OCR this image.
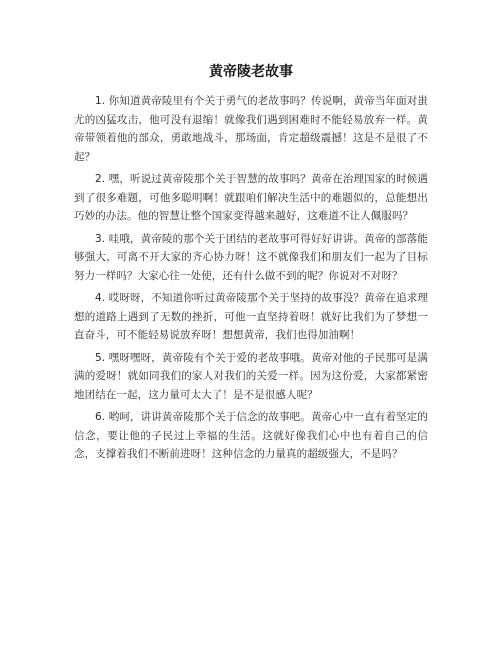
黄帝陵老故事

1. 你知道黄帝陵里有个关于勇气的老故事吗？传说啊，黄帝当年面对蚩尤的凶猛攻击，他可没有退缩！就像我们遇到困难时不能轻易放弃一样。黄帝带领着他的部众，勇敢地战斗，那场面，肯定超级震撼！这是不是很了不起？

2. 嘿，听说过黄帝陵那个关于智慧的故事吗？黄帝在治理国家的时候遇到了很多难题，可他多聪明啊！就跟咱们解决生活中的难题似的，总能想出巧妙的办法。他的智慧让整个国家变得越来越好，这难道不让人佩服吗？

3. 哇哦，黄帝陵的那个关于团结的老故事可得好好讲讲。黄帝的部落能够强大，可离不开大家的齐心协力呀！这不就像我们和朋友们一起为了目标努力一样吗？大家心往一处使，还有什么做不到的呢？你说对不对呀？

4. 哎呀呀，不知道你听过黄帝陵那个关于坚持的故事没？黄帝在追求理想的道路上遇到了无数的挫折，可他一直坚持着呀！就好比我们为了梦想一直奋斗，可不能轻易说放弃呀！想想黄帝，我们也得加油啊！

5. 嘿呀嘿呀，黄帝陵有个关于爱的老故事哦。黄帝对他的子民那可是满满的爱呀！就如同我们的家人对我们的关爱一样。因为这份爱，大家都紧密地团结在一起，这力量可太大了！是不是很感人呢？

6. 哟呵，讲讲黄帝陵那个关于信念的故事吧。黄帝心中一直有着坚定的信念，要让他的子民过上幸福的生活。这就好像我们心中也有着自己的信念，支撑着我们不断前进呀！这种信念的力量真的超级强大，不是吗？
